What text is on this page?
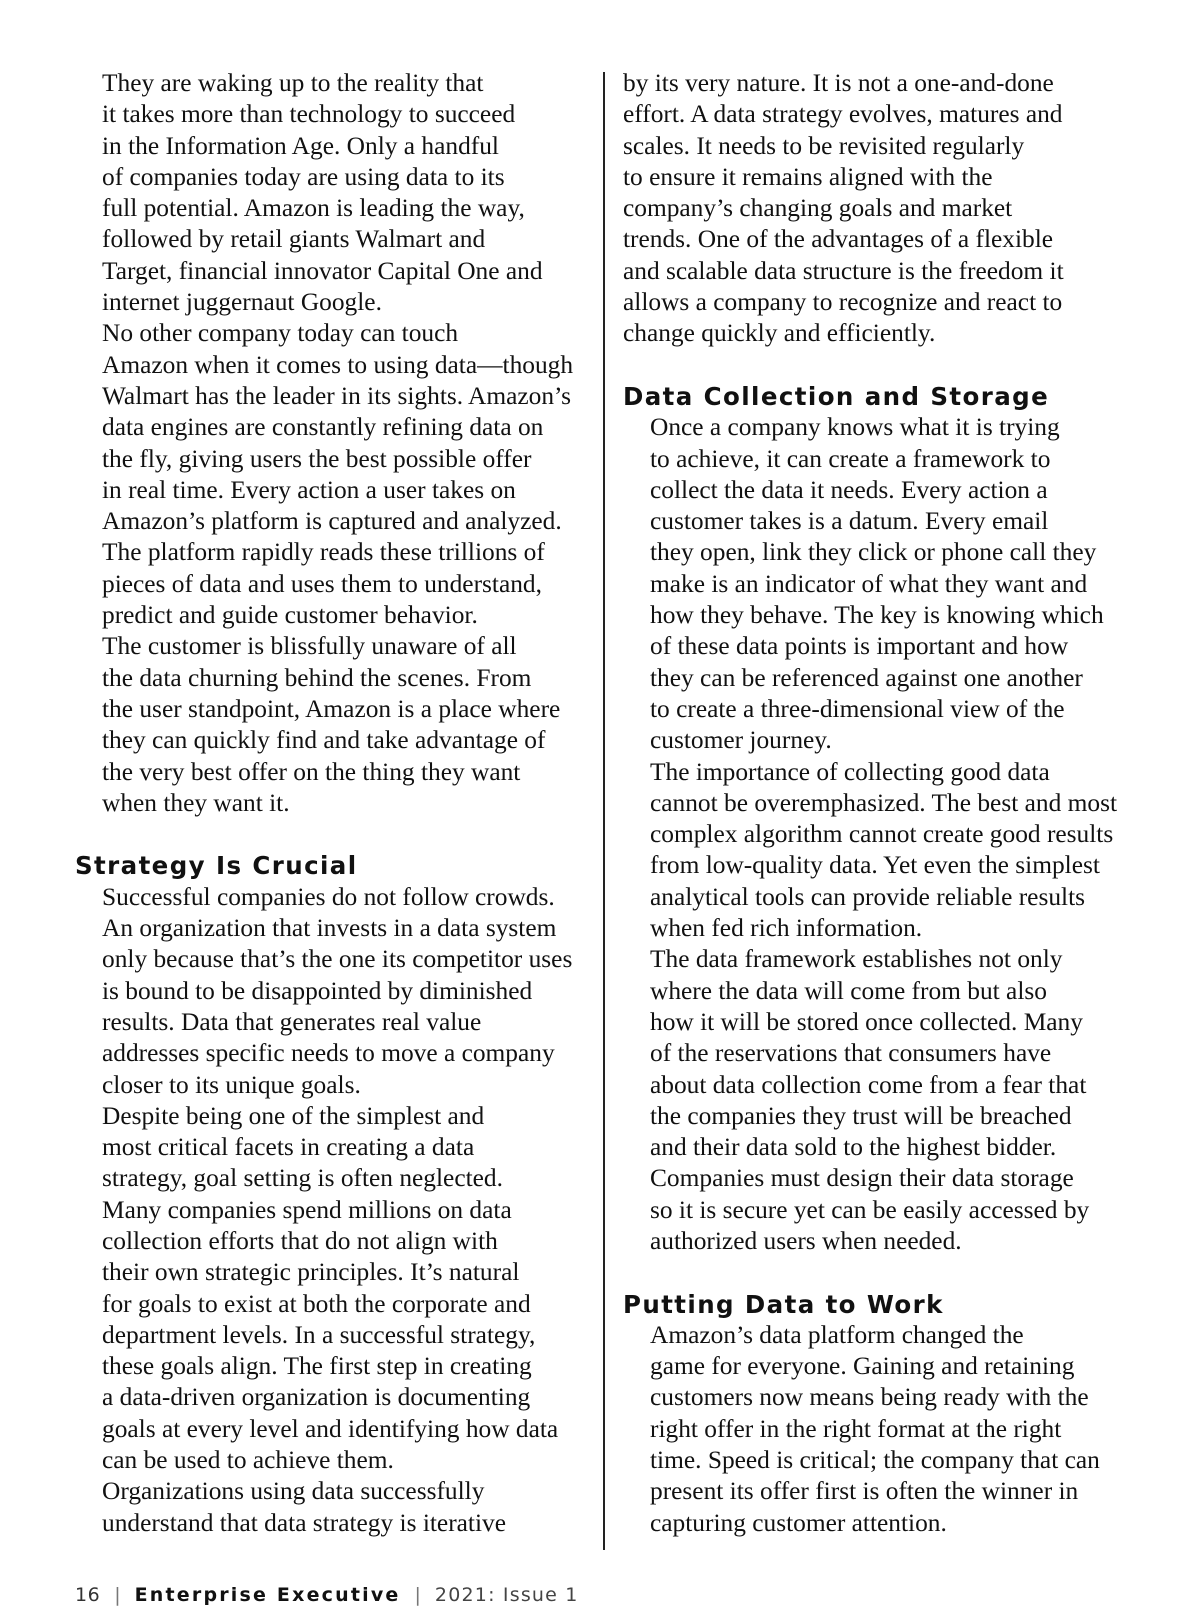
They are waking up to the reality that
it takes more than technology to succeed
in the Information Age. Only a handful
of companies today are using data to its
full potential. Amazon is leading the way,
followed by retail giants Walmart and
Target, financial innovator Capital One and
internet juggernaut Google.

No other company today can touch
Amazon when it comes to using data—though
Walmart has the leader in its sights. Amazon’s
data engines are constantly refining data on
the fly, giving users the best possible offer
in real time. Every action a user takes on
Amazon’s platform is captured and analyzed.
The platform rapidly reads these trillions of
pieces of data and uses them to understand,
predict and guide customer behavior.

The customer is blissfully unaware of all
the data churning behind the scenes. From
the user standpoint, Amazon is a place where
they can quickly find and take advantage of
the very best offer on the thing they want
when they want it.

Strategy Is Crucial

Successful companies do not follow crowds.
An organization that invests in a data system
only because that’s the one its competitor uses
is bound to be disappointed by diminished
results. Data that generates real value
addresses specific needs to move a company
closer to its unique goals.

Despite being one of the simplest and
most critical facets in creating a data
strategy, goal setting is often neglected.
Many companies spend millions on data
collection efforts that do not align with
their own strategic principles. It’s natural
for goals to exist at both the corporate and
department levels. In a successful strategy,
these goals align. The first step in creating
a data-driven organization is documenting
goals at every level and identifying how data
can be used to achieve them.

Organizations using data successfully
understand that data strategy is iterative

by its very nature. It is not a one-and-done
effort. A data strategy evolves, matures and
scales. It needs to be revisited regularly
to ensure it remains aligned with the
company’s changing goals and market
trends. One of the advantages of a flexible
and scalable data structure is the freedom it
allows a company to recognize and react to
change quickly and efficiently.

Data Collection and Storage

Once a company knows what it is trying
to achieve, it can create a framework to
collect the data it needs. Every action a
customer takes is a datum. Every email
they open, link they click or phone call they
make is an indicator of what they want and
how they behave. The key is knowing which
of these data points is important and how
they can be referenced against one another
to create a three-dimensional view of the
customer journey.

The importance of collecting good data
cannot be overemphasized. The best and most
complex algorithm cannot create good results
from low-quality data. Yet even the simplest
analytical tools can provide reliable results
when fed rich information.

The data framework establishes not only
where the data will come from but also
how it will be stored once collected. Many
of the reservations that consumers have
about data collection come from a fear that
the companies they trust will be breached
and their data sold to the highest bidder.
Companies must design their data storage
so it is secure yet can be easily accessed by
authorized users when needed.

Putting Data to Work

Amazon’s data platform changed the
game for everyone. Gaining and retaining
customers now means being ready with the
right offer in the right format at the right
time. Speed is critical; the company that can
present its offer first is often the winner in
capturing customer attention.

16 | Enterprise Executive | 2021: Issue 1
